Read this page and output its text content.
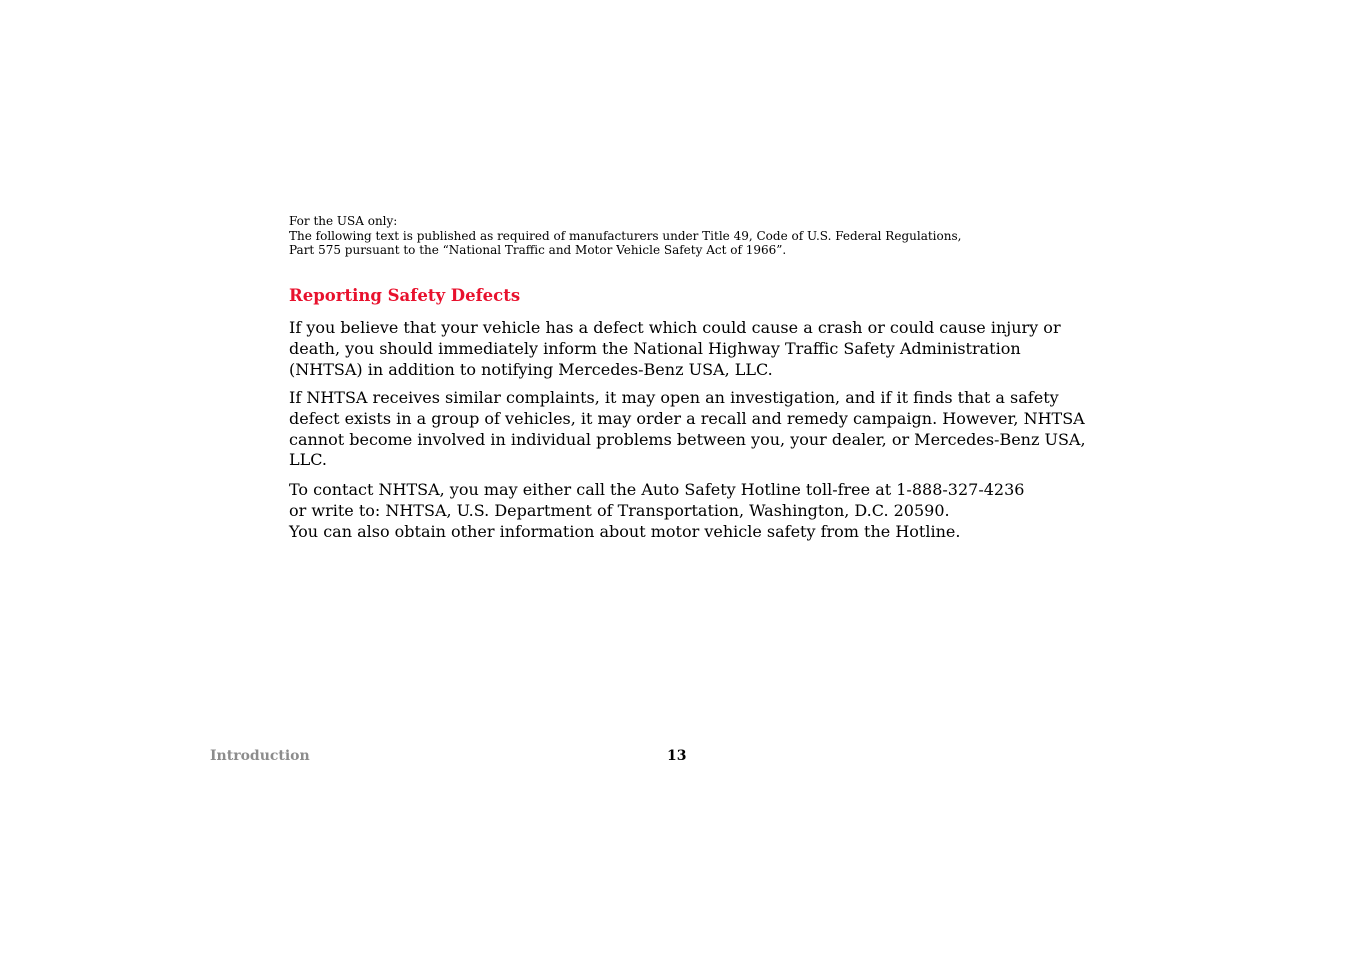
For the USA only:
The following text is published as required of manufacturers under Title 49, Code of U.S. Federal Regulations,
Part 575 pursuant to the “National Traffic and Motor Vehicle Safety Act of 1966”.
Reporting Safety Defects
If you believe that your vehicle has a defect which could cause a crash or could cause injury or
death, you should immediately inform the National Highway Traffic Safety Administration
(NHTSA) in addition to notifying Mercedes-Benz USA, LLC.
If NHTSA receives similar complaints, it may open an investigation, and if it finds that a safety
defect exists in a group of vehicles, it may order a recall and remedy campaign. However, NHTSA
cannot become involved in individual problems between you, your dealer, or Mercedes-Benz USA,
LLC.
To contact NHTSA, you may either call the Auto Safety Hotline toll-free at 1-888-327-4236
or write to: NHTSA, U.S. Department of Transportation, Washington, D.C. 20590.
You can also obtain other information about motor vehicle safety from the Hotline.
Introduction	13
